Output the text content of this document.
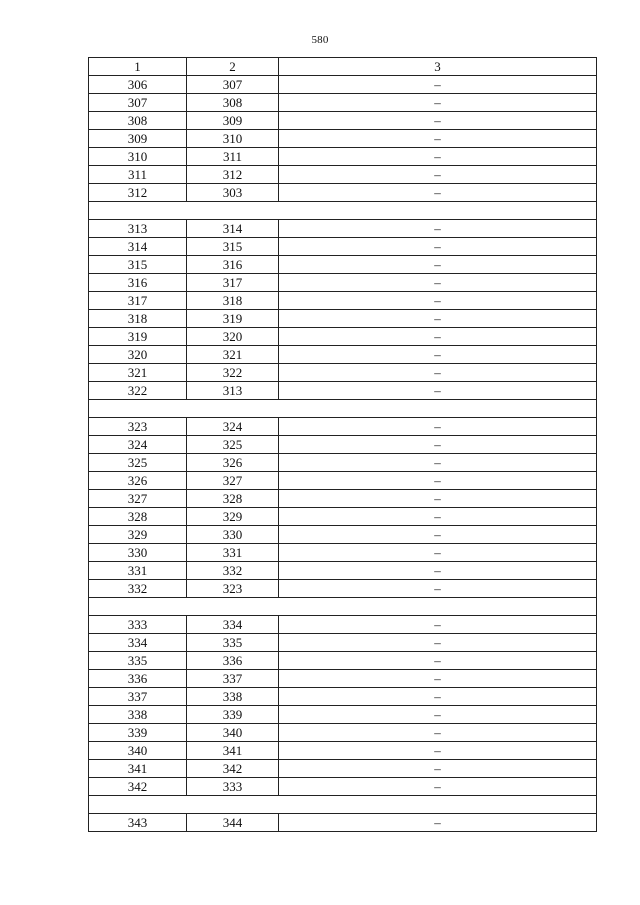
580
1	2	3
306	307	–
307	308	–
308	309	–
309	310	–
310	311	–
311	312	–
312	303	–

313	314	–
314	315	–
315	316	–
316	317	–
317	318	–
318	319	–
319	320	–
320	321	–
321	322	–
322	313	–

323	324	–
324	325	–
325	326	–
326	327	–
327	328	–
328	329	–
329	330	–
330	331	–
331	332	–
332	323	–

333	334	–
334	335	–
335	336	–
336	337	–
337	338	–
338	339	–
339	340	–
340	341	–
341	342	–
342	333	–

343	344	–
